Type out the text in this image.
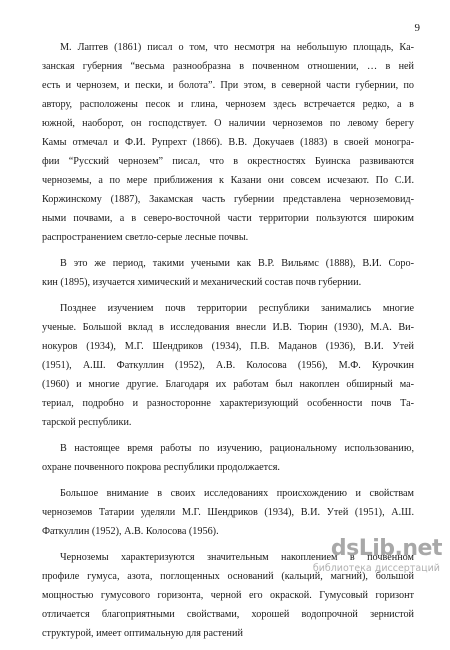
9

М. Лаптев (1861) писал о том, что несмотря на небольшую площадь, Ка-
занская губерния “весьма разнообразна в почвенном отношении, … в ней
есть и чернозем, и пески, и болота”. При этом, в северной части губернии, по
автору, расположены песок и глина, чернозем здесь встречается редко, а в
южной, наоборот, он господствует. О наличии черноземов по левому берегу
Камы отмечал и Ф.И. Рупрехт (1866). В.В. Докучаев (1883) в своей моногра-
фии “Русский чернозем” писал, что в окрестностях Буинска развиваются
черноземы, а по мере приближения к Казани они совсем исчезают. По С.И.
Коржинскому (1887), Закамская часть губернии представлена черноземовид-
ными почвами, а в северо-восточной части территории пользуются широким
распространением светло-серые лесные почвы.

В это же период, такими учеными как В.Р. Вильямс (1888), В.И. Соро-
кин (1895), изучается химический и механический состав почв губернии.

Позднее изучением почв территории республики занимались многие
ученые. Большой вклад в исследования внесли И.В. Тюрин (1930), М.А. Ви-
нокуров (1934), М.Г. Шендриков (1934), П.В. Маданов (1936), В.И. Утей
(1951), А.Ш. Фаткуллин (1952), А.В. Колосова (1956), М.Ф. Курочкин
(1960) и многие другие. Благодаря их работам был накоплен обширный ма-
териал, подробно и разносторонне характеризующий особенности почв Та-
тарской республики.

В настоящее время работы по изучению, рациональному использованию,
охране почвенного покрова республики продолжается.

Большое внимание в своих исследованиях происхождению и свойствам
черноземов Татарии уделяли М.Г. Шендриков (1934), В.И. Утей (1951), А.Ш.
Фаткуллин (1952), А.В. Колосова (1956).

Черноземы характеризуются значительным накоплением в почвенном
профиле гумуса, азота, поглощенных оснований (кальций, магний), большой
мощностью гумусового горизонта, черной его окраской. Гумусовый горизонт
отличается благоприятными свойствами, хорошей водопрочной зернистой
структурой, имеет оптимальную для растений

dsLib.net
библиотека диссертаций
